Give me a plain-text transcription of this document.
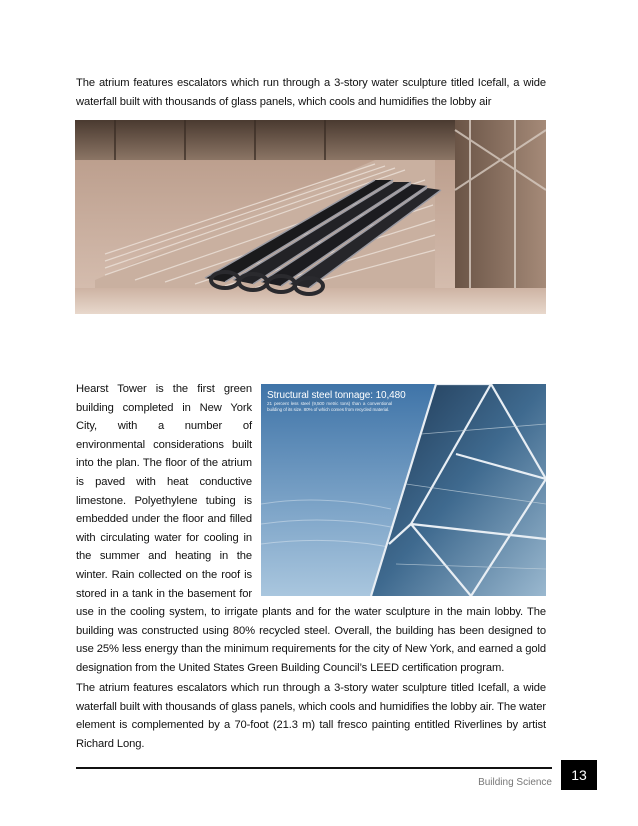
The atrium features escalators which run through a 3-story water sculpture titled Icefall, a wide waterfall built with thousands of glass panels, which cools and humidifies the lobby air

Structural steel tonnage: 10,480
21 percent less steel (9,500 metric tons) than a conventional building of its size. 80% of which comes from recycled material.
Hearst Tower is the first green building completed in New York City, with a number of environmental considerations built into the plan. The floor of the atrium is paved with heat conductive limestone. Polyethylene tubing is embedded under the floor and filled with circulating water for cooling in the summer and heating in the winter. Rain collected on the roof is stored in a tank in the basement for use in the cooling system, to irrigate plants and for the water sculpture in the main lobby. The building was constructed using 80% recycled steel. Overall, the building has been designed to use 25% less energy than the minimum requirements for the city of New York, and earned a gold designation from the United States Green Building Council’s LEED certification program.

The atrium features escalators which run through a 3-story water sculpture titled Icefall, a wide waterfall built with thousands of glass panels, which cools and humidifies the lobby air. The water element is complemented by a 70-foot (21.3 m) tall fresco painting entitled Riverlines by artist Richard Long.

Building Science	13
